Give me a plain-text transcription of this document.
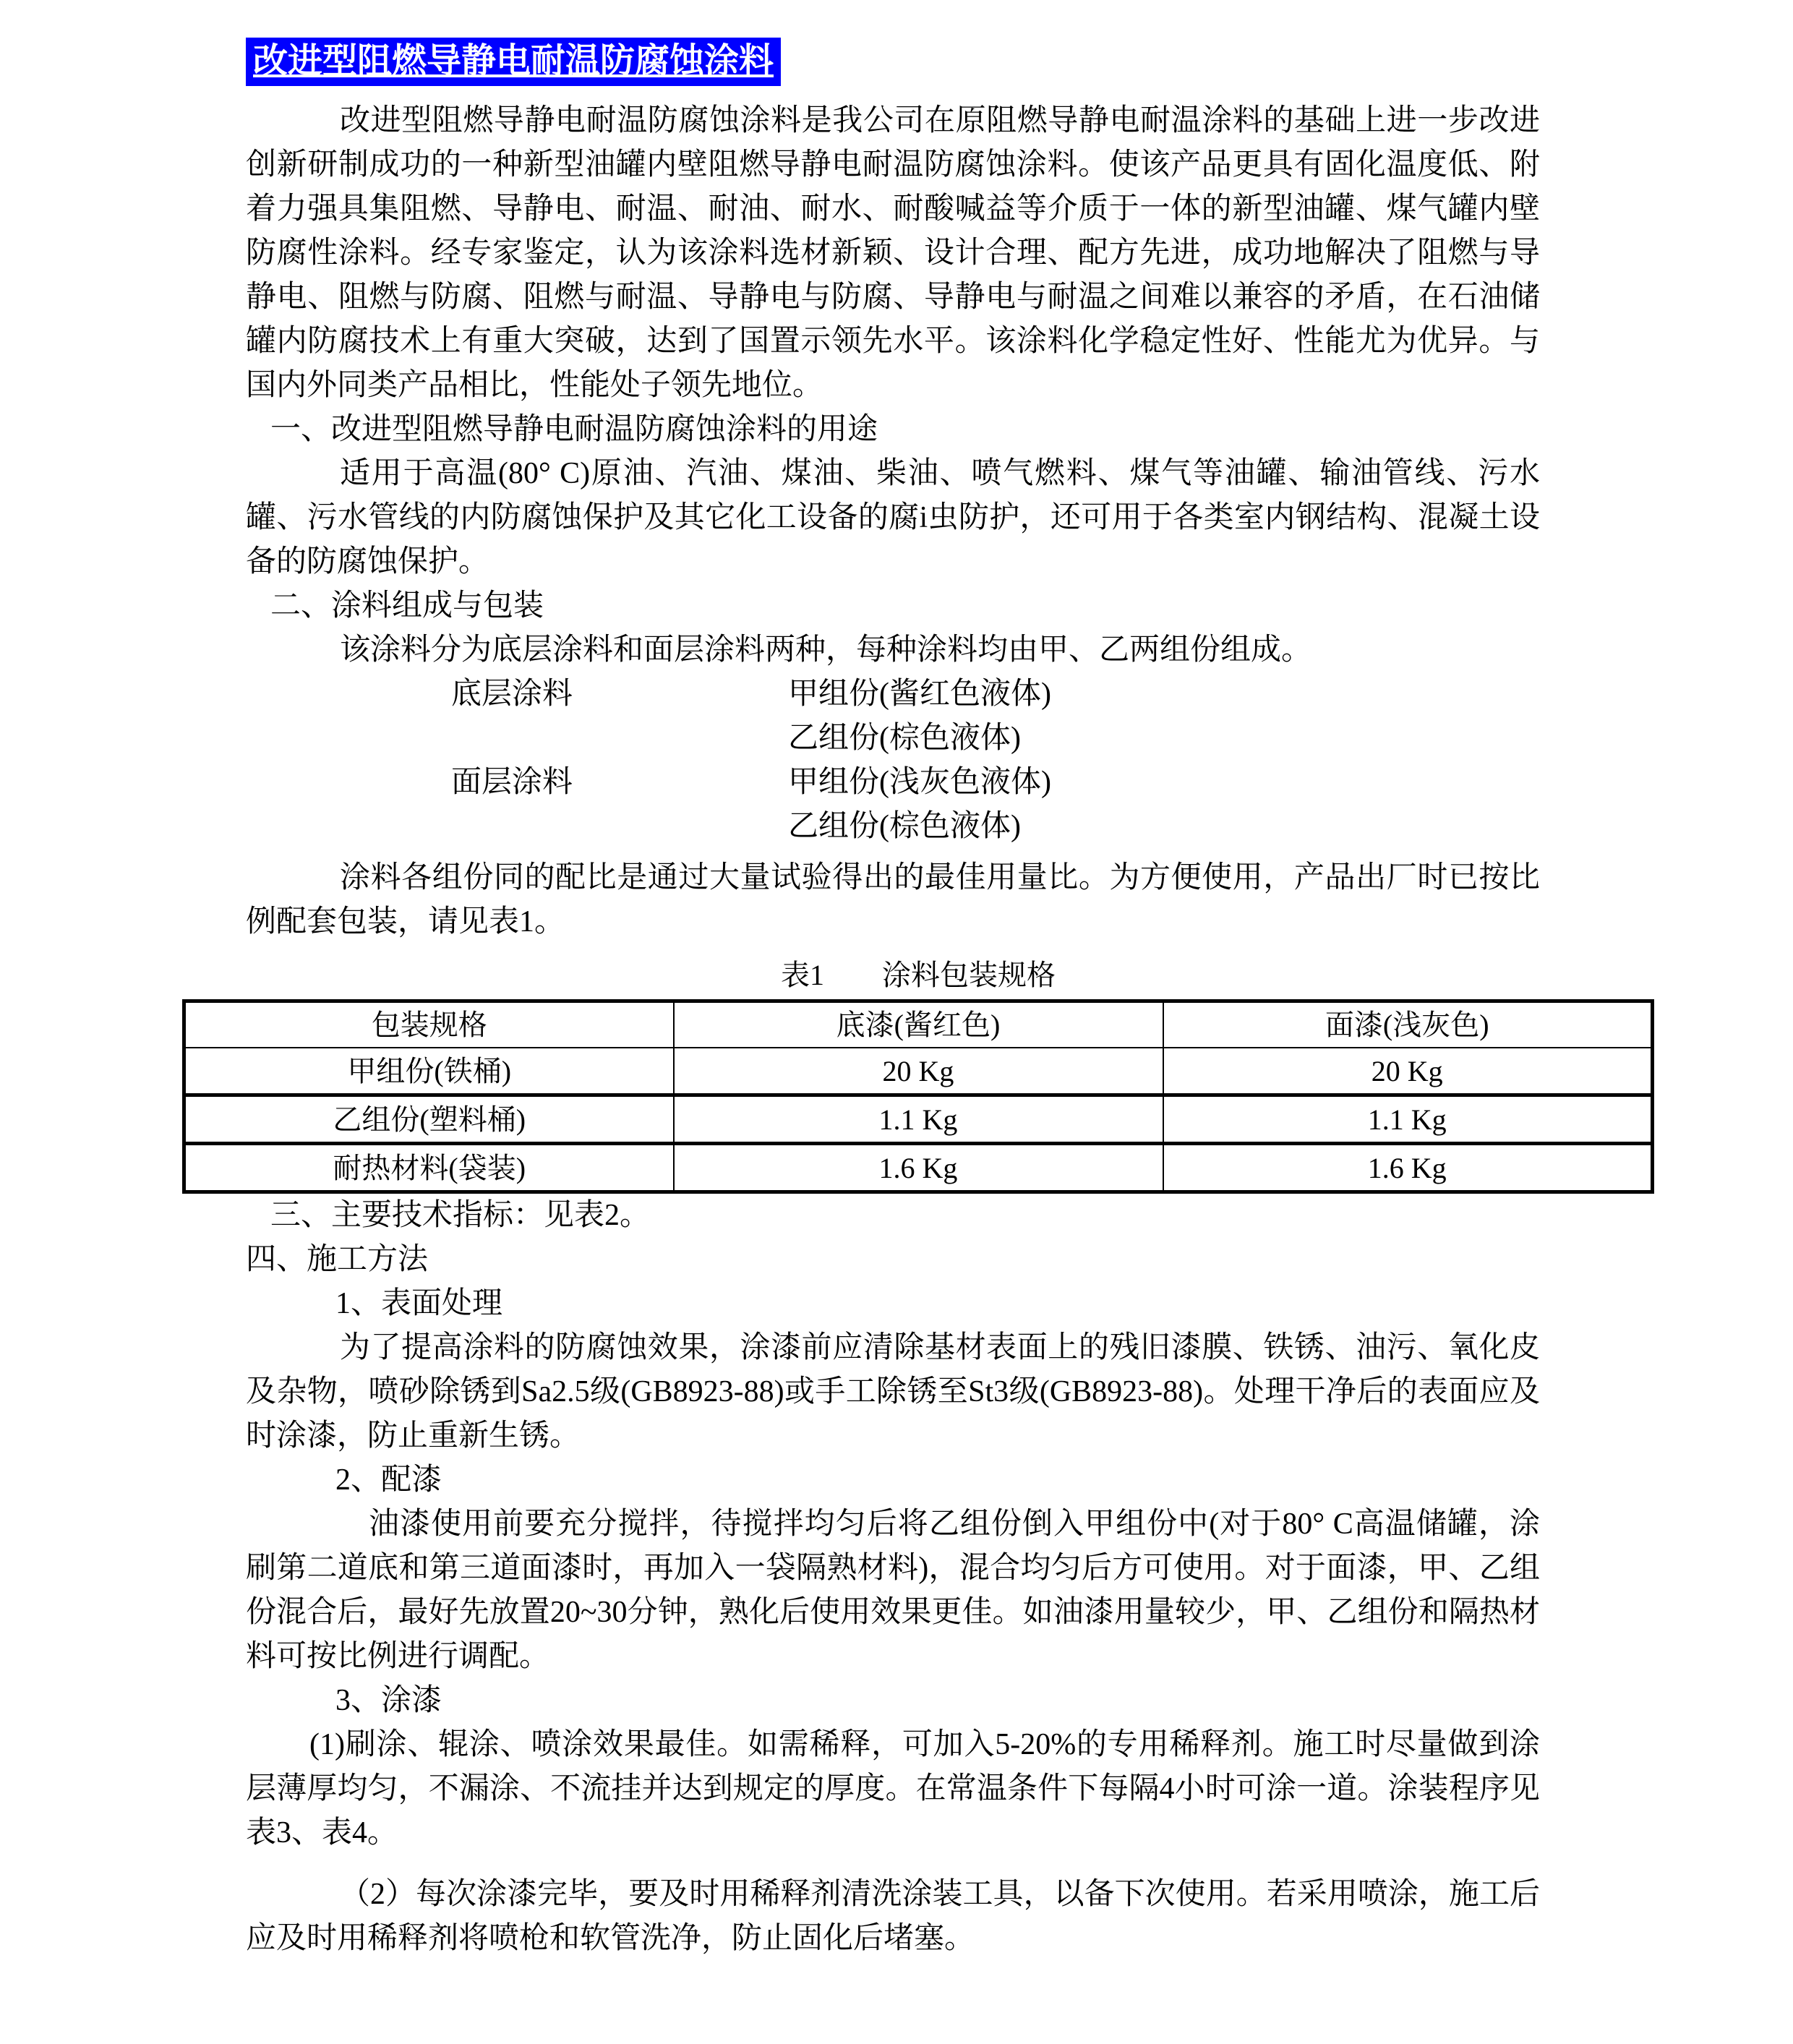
改进型阻燃导静电耐温防腐蚀涂料

改进型阻燃导静电耐温防腐蚀涂料是我公司在原阻燃导静电耐温涂料的基础上进一步改进创新研制成功的一种新型油罐内壁阻燃导静电耐温防腐蚀涂料。使该产品更具有固化温度低、附着力强具集阻燃、导静电、耐温、耐油、耐水、耐酸喊益等介质于一体的新型油罐、煤气罐内壁防腐性涂料。经专家鉴定，认为该涂料选材新颖、设计合理、配方先进，成功地解决了阻燃与导静电、阻燃与防腐、阻燃与耐温、导静电与防腐、导静电与耐温之间难以兼容的矛盾，在石油储罐内防腐技术上有重大突破，达到了国置示领先水平。该涂料化学稳定性好、性能尤为优异。与国内外同类产品相比，性能处子领先地位。

一、改进型阻燃导静电耐温防腐蚀涂料的用途

适用于高温(80° C)原油、汽油、煤油、柴油、喷气燃料、煤气等油罐、输油管线、污水罐、污水管线的内防腐蚀保护及其它化工设备的腐i虫防护，还可用于各类室内钢结构、混凝土设备的防腐蚀保护。

二、涂料组成与包装

该涂料分为底层涂料和面层涂料两种，每种涂料均由甲、乙两组份组成。

底层涂料	甲组份(酱红色液体)
乙组份(棕色液体)
面层涂料	甲组份(浅灰色液体)
乙组份(棕色液体)

涂料各组份同的配比是通过大量试验得出的最佳用量比。为方便使用，产品出厂时已按比例配套包装，请见表1。

表1　　涂料包装规格
包装规格	底漆(酱红色)	面漆(浅灰色)
甲组份(铁桶)	20 Kg	20 Kg
乙组份(塑料桶)	1.1 Kg	1.1 Kg
耐热材料(袋装)	1.6 Kg	1.6 Kg
三、主要技术指标：见表2。
四、施工方法
1、表面处理

为了提高涂料的防腐蚀效果，涂漆前应清除基材表面上的残旧漆膜、铁锈、油污、氧化皮及杂物，喷砂除锈到Sa2.5级(GB8923-88)或手工除锈至St3级(GB8923-88)。处理干净后的表面应及时涂漆，防止重新生锈。

2、配漆

油漆使用前要充分搅拌，待搅拌均匀后将乙组份倒入甲组份中(对于80° C高温储罐，涂刷第二道底和第三道面漆时，再加入一袋隔熟材料)，混合均匀后方可使用。对于面漆，甲、乙组份混合后，最好先放置20~30分钟，熟化后使用效果更佳。如油漆用量较少，甲、乙组份和隔热材料可按比例进行调配。

3、涂漆

(1)刷涂、辊涂、喷涂效果最佳。如需稀释，可加入5-20%的专用稀释剂。施工时尽量做到涂层薄厚均匀，不漏涂、不流挂并达到规定的厚度。在常温条件下每隔4小时可涂一道。涂装程序见表3、表4。

（2）每次涂漆完毕，要及时用稀释剂清洗涂装工具，以备下次使用。若采用喷涂，施工后应及时用稀释剂将喷枪和软管洗净，防止固化后堵塞。
